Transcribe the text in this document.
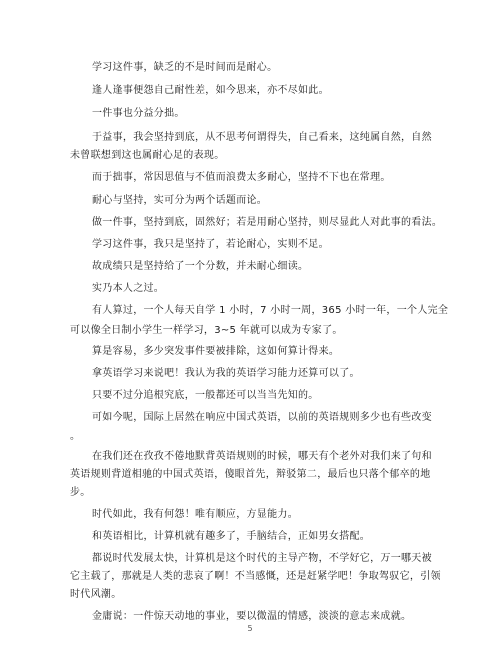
学习这件事，缺乏的不是时间而是耐心。
逢人逢事便怨自己耐性差，如今思来，亦不尽如此。
一件事也分益分拙。
于益事，我会坚持到底，从不思考何谓得失，自己看来，这纯属自然，自然
未曾联想到这也属耐心足的表现。
而于拙事，常因思值与不值而浪费太多耐心，坚持不下也在常理。
耐心与坚持，实可分为两个话题而论。
做一件事，坚持到底，固然好；若是用耐心坚持，则尽显此人对此事的看法。
学习这件事，我只是坚持了，若论耐心，实则不足。
故成绩只是坚持给了一个分数，并未耐心细读。
实乃本人之过。
有人算过，一个人每天自学 1 小时，7 小时一周，365 小时一年，一个人完全
可以像全日制小学生一样学习，3~5 年就可以成为专家了。
算是容易，多少突发事件要被排除，这如何算计得来。
拿英语学习来说吧！我认为我的英语学习能力还算可以了。
只要不过分追根究底，一般都还可以当当先知的。
可如今呢，国际上居然在响应中国式英语，以前的英语规则多少也有些改变
。
在我们还在孜孜不倦地默背英语规则的时候，哪天有个老外对我们来了句和
英语规则背道相驰的中国式英语，傻眼首先，辩驳第二，最后也只落个郁卒的地
步。
时代如此，我有何怨！唯有顺应，方显能力。
和英语相比，计算机就有趣多了，手脑结合，正如男女搭配。
都说时代发展太快，计算机是这个时代的主导产物，不学好它，万一哪天被
它主载了，那就是人类的悲哀了啊！不当感慨，还是赶紧学吧！争取驾驭它，引领
时代风潮。
金庸说：一件惊天动地的事业，要以微温的情感，淡淡的意志来成就。
5
